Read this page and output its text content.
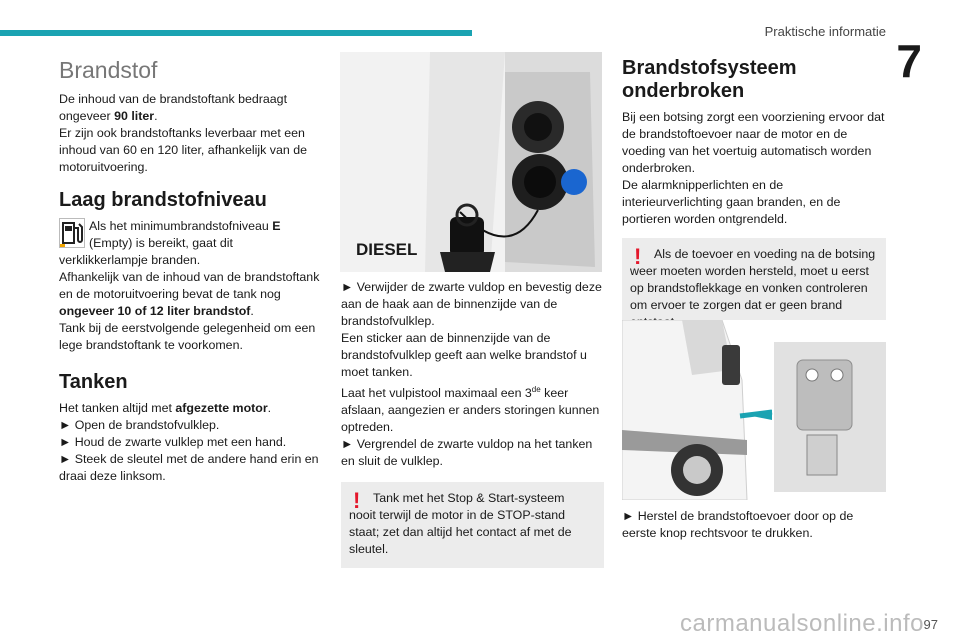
Praktische informatie
7
Brandstof

De inhoud van de brandstoftank bedraagt ongeveer 90 liter.
Er zijn ook brandstoftanks leverbaar met een inhoud van 60 en 120 liter, afhankelijk van de motoruitvoering.

Laag brandstofniveau

Als het minimumbrandstofniveau E (Empty) is bereikt, gaat dit verklikkerlampje branden.
Afhankelijk van de inhoud van de brandstoftank en de motoruitvoering bevat de tank nog ongeveer 10 of 12 liter brandstof.
Tank bij de eerstvolgende gelegenheid om een lege brandstoftank te voorkomen.

Tanken

Het tanken altijd met afgezette motor.
► Open de brandstofvulklep.
► Houd de zwarte vulklep met een hand.
► Steek de sleutel met de andere hand erin en draai deze linksom.

DIESEL

► Verwijder de zwarte vuldop en bevestig deze aan de haak aan de binnenzijde van de brandstofvulklep.

Een sticker aan de binnenzijde van de brandstofvulklep geeft aan welke brandstof u moet tanken.

Laat het vulpistool maximaal een 3de keer afslaan, aangezien er anders storingen kunnen optreden.

► Vergrendel de zwarte vuldop na het tanken en sluit de vulklep.

! Tank met het Stop & Start-systeem nooit terwijl de motor in de STOP-stand staat; zet dan altijd het contact af met de sleutel.
Brandstofsysteem onderbroken

Bij een botsing zorgt een voorziening ervoor dat de brandstoftoevoer naar de motor en de voeding van het voertuig automatisch worden onderbroken.

De alarmknipperlichten en de interieurverlichting gaan branden, en de portieren worden ontgrendeld.

! Als de toevoer en voeding na de botsing weer moeten worden hersteld, moet u eerst op brandstoflekkage en vonken controleren om ervoer te zorgen dat er geen brand

► Herstel de brandstoftoevoer door op de eerste knop rechtsvoor te drukken.

97
carmanualsonline.info
